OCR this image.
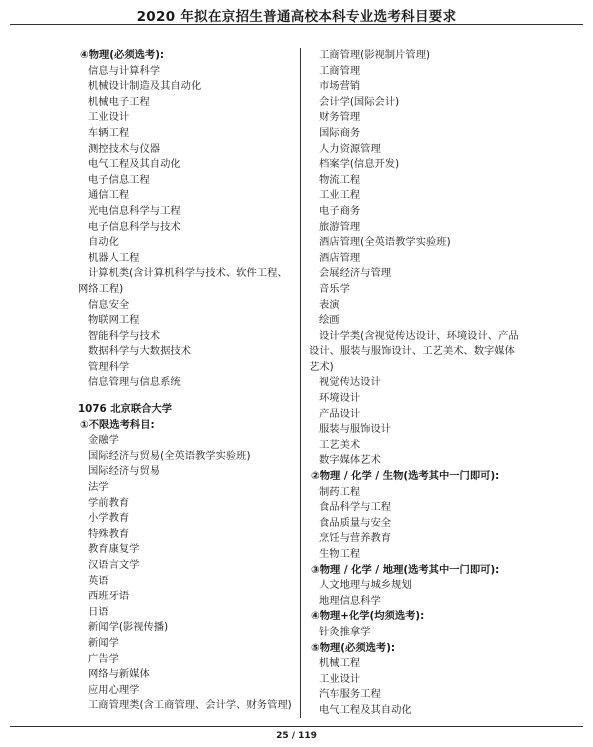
2020 年拟在京招生普通高校本科专业选考科目要求
④物理(必须选考):
信息与计算科学
机械设计制造及其自动化
机械电子工程
工业设计
车辆工程
测控技术与仪器
电气工程及其自动化
电子信息工程
通信工程
光电信息科学与工程
电子信息科学与技术
自动化
机器人工程
计算机类(含计算机科学与技术、软件工程、网络工程)
信息安全
物联网工程
智能科学与技术
数据科学与大数据技术
管理科学
信息管理与信息系统
1076 北京联合大学
①不限选考科目:
金融学
国际经济与贸易(全英语教学实验班)
国际经济与贸易
法学
学前教育
小学教育
特殊教育
教育康复学
汉语言文学
英语
西班牙语
日语
新闻学(影视传播)
新闻学
广告学
网络与新媒体
应用心理学
工商管理类(含工商管理、会计学、财务管理)
工商管理(影视制片管理)
工商管理
市场营销
会计学(国际会计)
财务管理
国际商务
人力资源管理
档案学(信息开发)
物流工程
工业工程
电子商务
旅游管理
酒店管理(全英语教学实验班)
酒店管理
会展经济与管理
音乐学
表演
绘画
设计学类(含视觉传达设计、环境设计、产品设计、服装与服饰设计、工艺美术、数字媒体艺术)
视觉传达设计
环境设计
产品设计
服装与服饰设计
工艺美术
数字媒体艺术
②物理 / 化学 / 生物(选考其中一门即可):
制药工程
食品科学与工程
食品质量与安全
烹饪与营养教育
生物工程
③物理 / 化学 / 地理(选考其中一门即可):
人文地理与城乡规划
地理信息科学
④物理+化学(均须选考):
针灸推拿学
⑤物理(必须选考):
机械工程
工业设计
汽车服务工程
电气工程及其自动化
25 / 119
